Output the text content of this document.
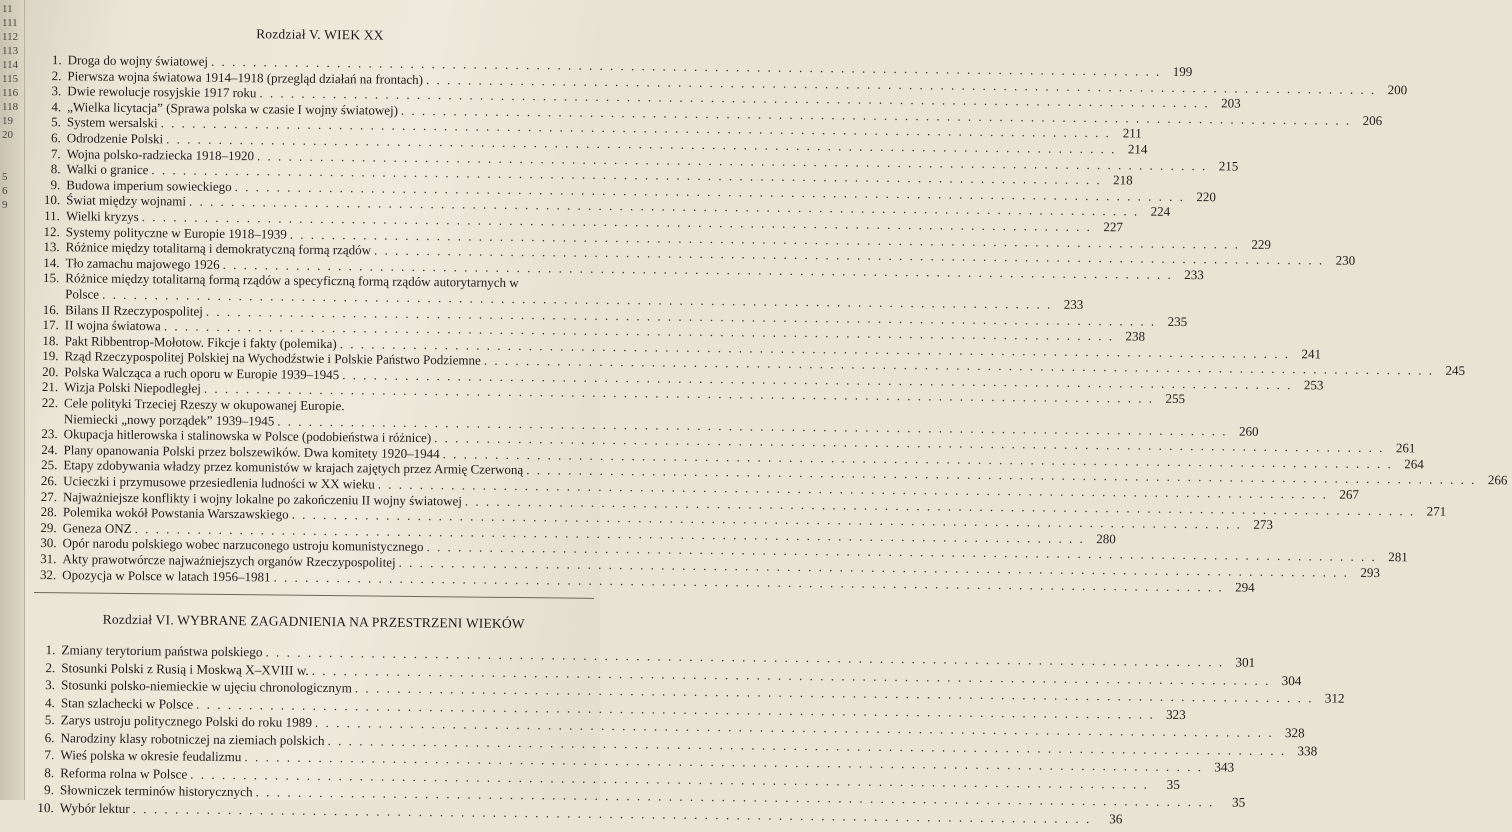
11
111
112
113
114
115
116
118
19
20
5
6
9
Rozdział V. WIEK XX
1. Droga do wojny światowej
. . .
199
2. Pierwsza wojna światowa 1914–1918 (przegląd działań na frontach)
. . .
200
3. Dwie rewolucje rosyjskie 1917 roku
. . .
203
4. „Wielka licytacja” (Sprawa polska w czasie I wojny światowej)
. . .
206
5. System wersalski
. . .
211
6. Odrodzenie Polski
. . .
214
7. Wojna polsko-radziecka 1918–1920
. . .
215
8. Walki o granice
. . .
218
9. Budowa imperium sowieckiego
. . .
220
10. Świat między wojnami
. . .
224
11. Wielki kryzys
. . .
227
12. Systemy polityczne w Europie 1918–1939
. . .
229
13. Różnice między totalitarną i demokratyczną formą rządów
. . .
230
14. Tło zamachu majowego 1926
. . .
233
15. Różnice między totalitarną formą rządów a specyficzną formą rządów autorytarnych w
Polsce
. . .
233
16. Bilans II Rzeczypospolitej
. . .
235
17. II wojna światowa
. . .
238
18. Pakt Ribbentrop-Mołotow. Fikcje i fakty (polemika)
. . .
241
19. Rząd Rzeczypospolitej Polskiej na Wychodźstwie i Polskie Państwo Podziemne
. . .
245
20. Polska Walcząca a ruch oporu w Europie 1939–1945
. . .
253
21. Wizja Polski Niepodległej
. . .
255
22. Cele polityki Trzeciej Rzeszy w okupowanej Europie.
Niemiecki „nowy porządek” 1939–1945
. . .
260
23. Okupacja hitlerowska i stalinowska w Polsce (podobieństwa i różnice)
. . .
261
24. Plany opanowania Polski przez bolszewików. Dwa komitety 1920–1944
. . .
264
25. Etapy zdobywania władzy przez komunistów w krajach zajętych przez Armię Czerwoną
. . .
266
26. Ucieczki i przymusowe przesiedlenia ludności w XX wieku
. . .
267
27. Najważniejsze konflikty i wojny lokalne po zakończeniu II wojny światowej
. . .
271
28. Polemika wokół Powstania Warszawskiego
. . .
273
29. Geneza ONZ
. . .
280
30. Opór narodu polskiego wobec narzuconego ustroju komunistycznego
. . .
281
31. Akty prawotwórcze najważniejszych organów Rzeczypospolitej
. . .
293
32. Opozycja w Polsce w latach 1956–1981
. . .
294
Rozdział VI. WYBRANE ZAGADNIENIA NA PRZESTRZENI WIEKÓW
1. Zmiany terytorium państwa polskiego
. . .
301
2. Stosunki Polski z Rusią i Moskwą X–XVIII w.
. . .
304
3. Stosunki polsko-niemieckie w ujęciu chronologicznym
. . .
312
4. Stan szlachecki w Polsce
. . .
323
5. Zarys ustroju politycznego Polski do roku 1989
. . .
328
6. Narodziny klasy robotniczej na ziemiach polskich
. . .
338
7. Wieś polska w okresie feudalizmu
. . .
343
8. Reforma rolna w Polsce
. . .
35
9. Słowniczek terminów historycznych
. . .
35
10. Wybór lektur
. . .
36
